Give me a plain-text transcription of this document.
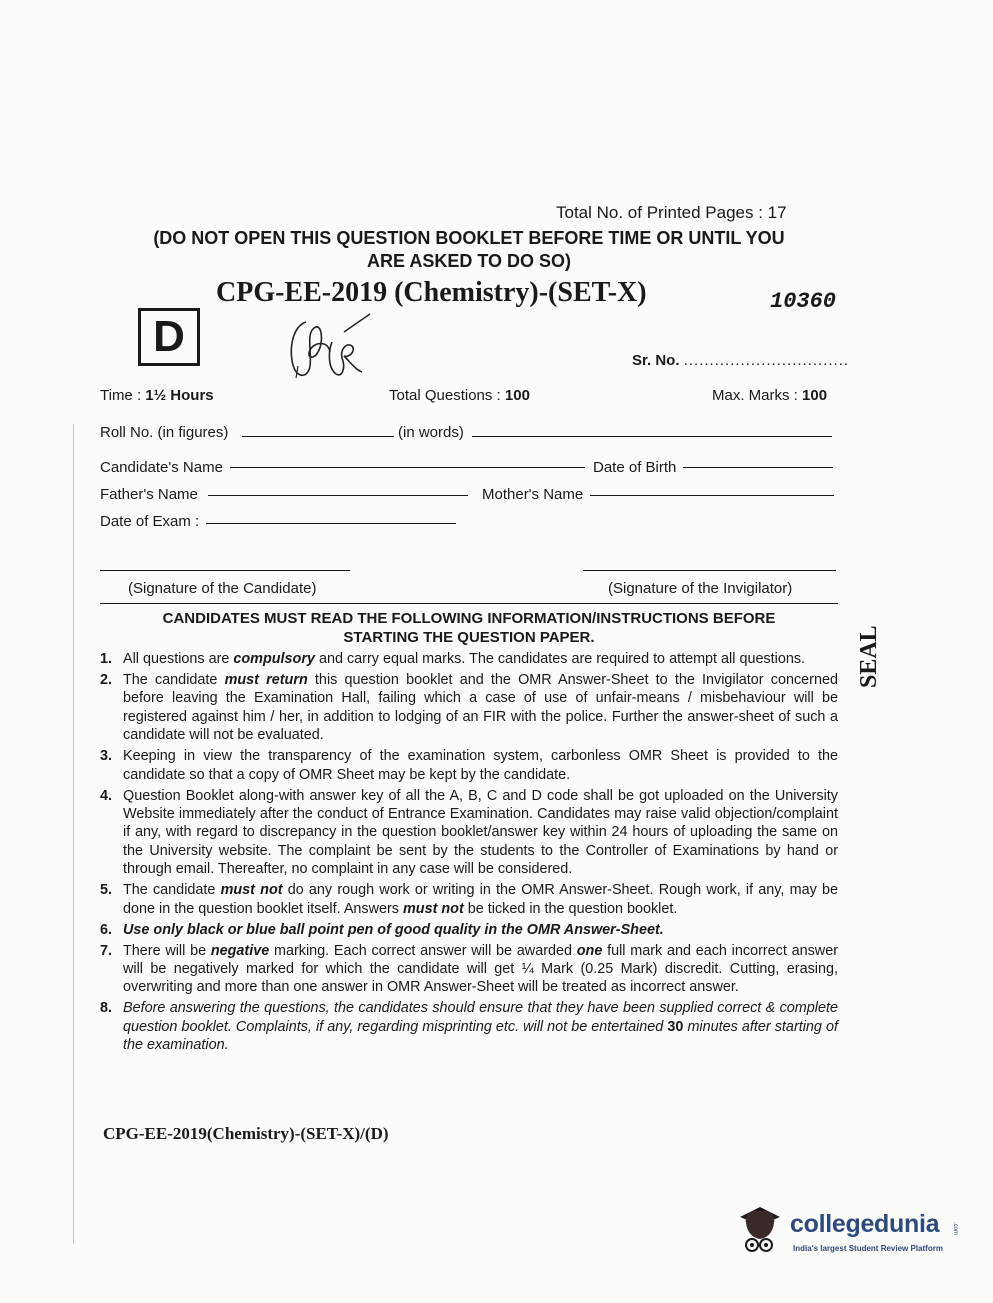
Total No. of Printed Pages : 17
(DO NOT OPEN THIS QUESTION BOOKLET BEFORE TIME OR UNTIL YOU
ARE ASKED TO DO SO)
CPG-EE-2019 (Chemistry)-(SET-X)	10360
D	Sr. No. ................................
Time : 1½ Hours	Total Questions : 100	Max. Marks : 100
Roll No. (in figures)	(in words)
Candidate's Name	Date of Birth
Father's Name	Mother's Name
Date of Exam :
(Signature of the Candidate)	(Signature of the Invigilator)
CANDIDATES MUST READ THE FOLLOWING INFORMATION/INSTRUCTIONS BEFORE
STARTING THE QUESTION PAPER.
1. All questions are compulsory and carry equal marks. The candidates are required to attempt all questions.
2. The candidate must return this question booklet and the OMR Answer-Sheet to the Invigilator concerned before leaving the Examination Hall, failing which a case of use of unfair-means / misbehaviour will be registered against him / her, in addition to lodging of an FIR with the police. Further the answer-sheet of such a candidate will not be evaluated.
3. Keeping in view the transparency of the examination system, carbonless OMR Sheet is provided to the candidate so that a copy of OMR Sheet may be kept by the candidate.
4. Question Booklet along-with answer key of all the A, B, C and D code shall be got uploaded on the University Website immediately after the conduct of Entrance Examination. Candidates may raise valid objection/complaint if any, with regard to discrepancy in the question booklet/answer key within 24 hours of uploading the same on the University website. The complaint be sent by the students to the Controller of Examinations by hand or through email. Thereafter, no complaint in any case will be considered.
5. The candidate must not do any rough work or writing in the OMR Answer-Sheet. Rough work, if any, may be done in the question booklet itself. Answers must not be ticked in the question booklet.
6. Use only black or blue ball point pen of good quality in the OMR Answer-Sheet.
7. There will be negative marking. Each correct answer will be awarded one full mark and each incorrect answer will be negatively marked for which the candidate will get ¼ Mark (0.25 Mark) discredit. Cutting, erasing, overwriting and more than one answer in OMR Answer-Sheet will be treated as incorrect answer.
8. Before answering the questions, the candidates should ensure that they have been supplied correct & complete question booklet. Complaints, if any, regarding misprinting etc. will not be entertained 30 minutes after starting of the examination.
SEAL
CPG-EE-2019(Chemistry)-(SET-X)/(D)
collegedunia .com
India's largest Student Review Platform
